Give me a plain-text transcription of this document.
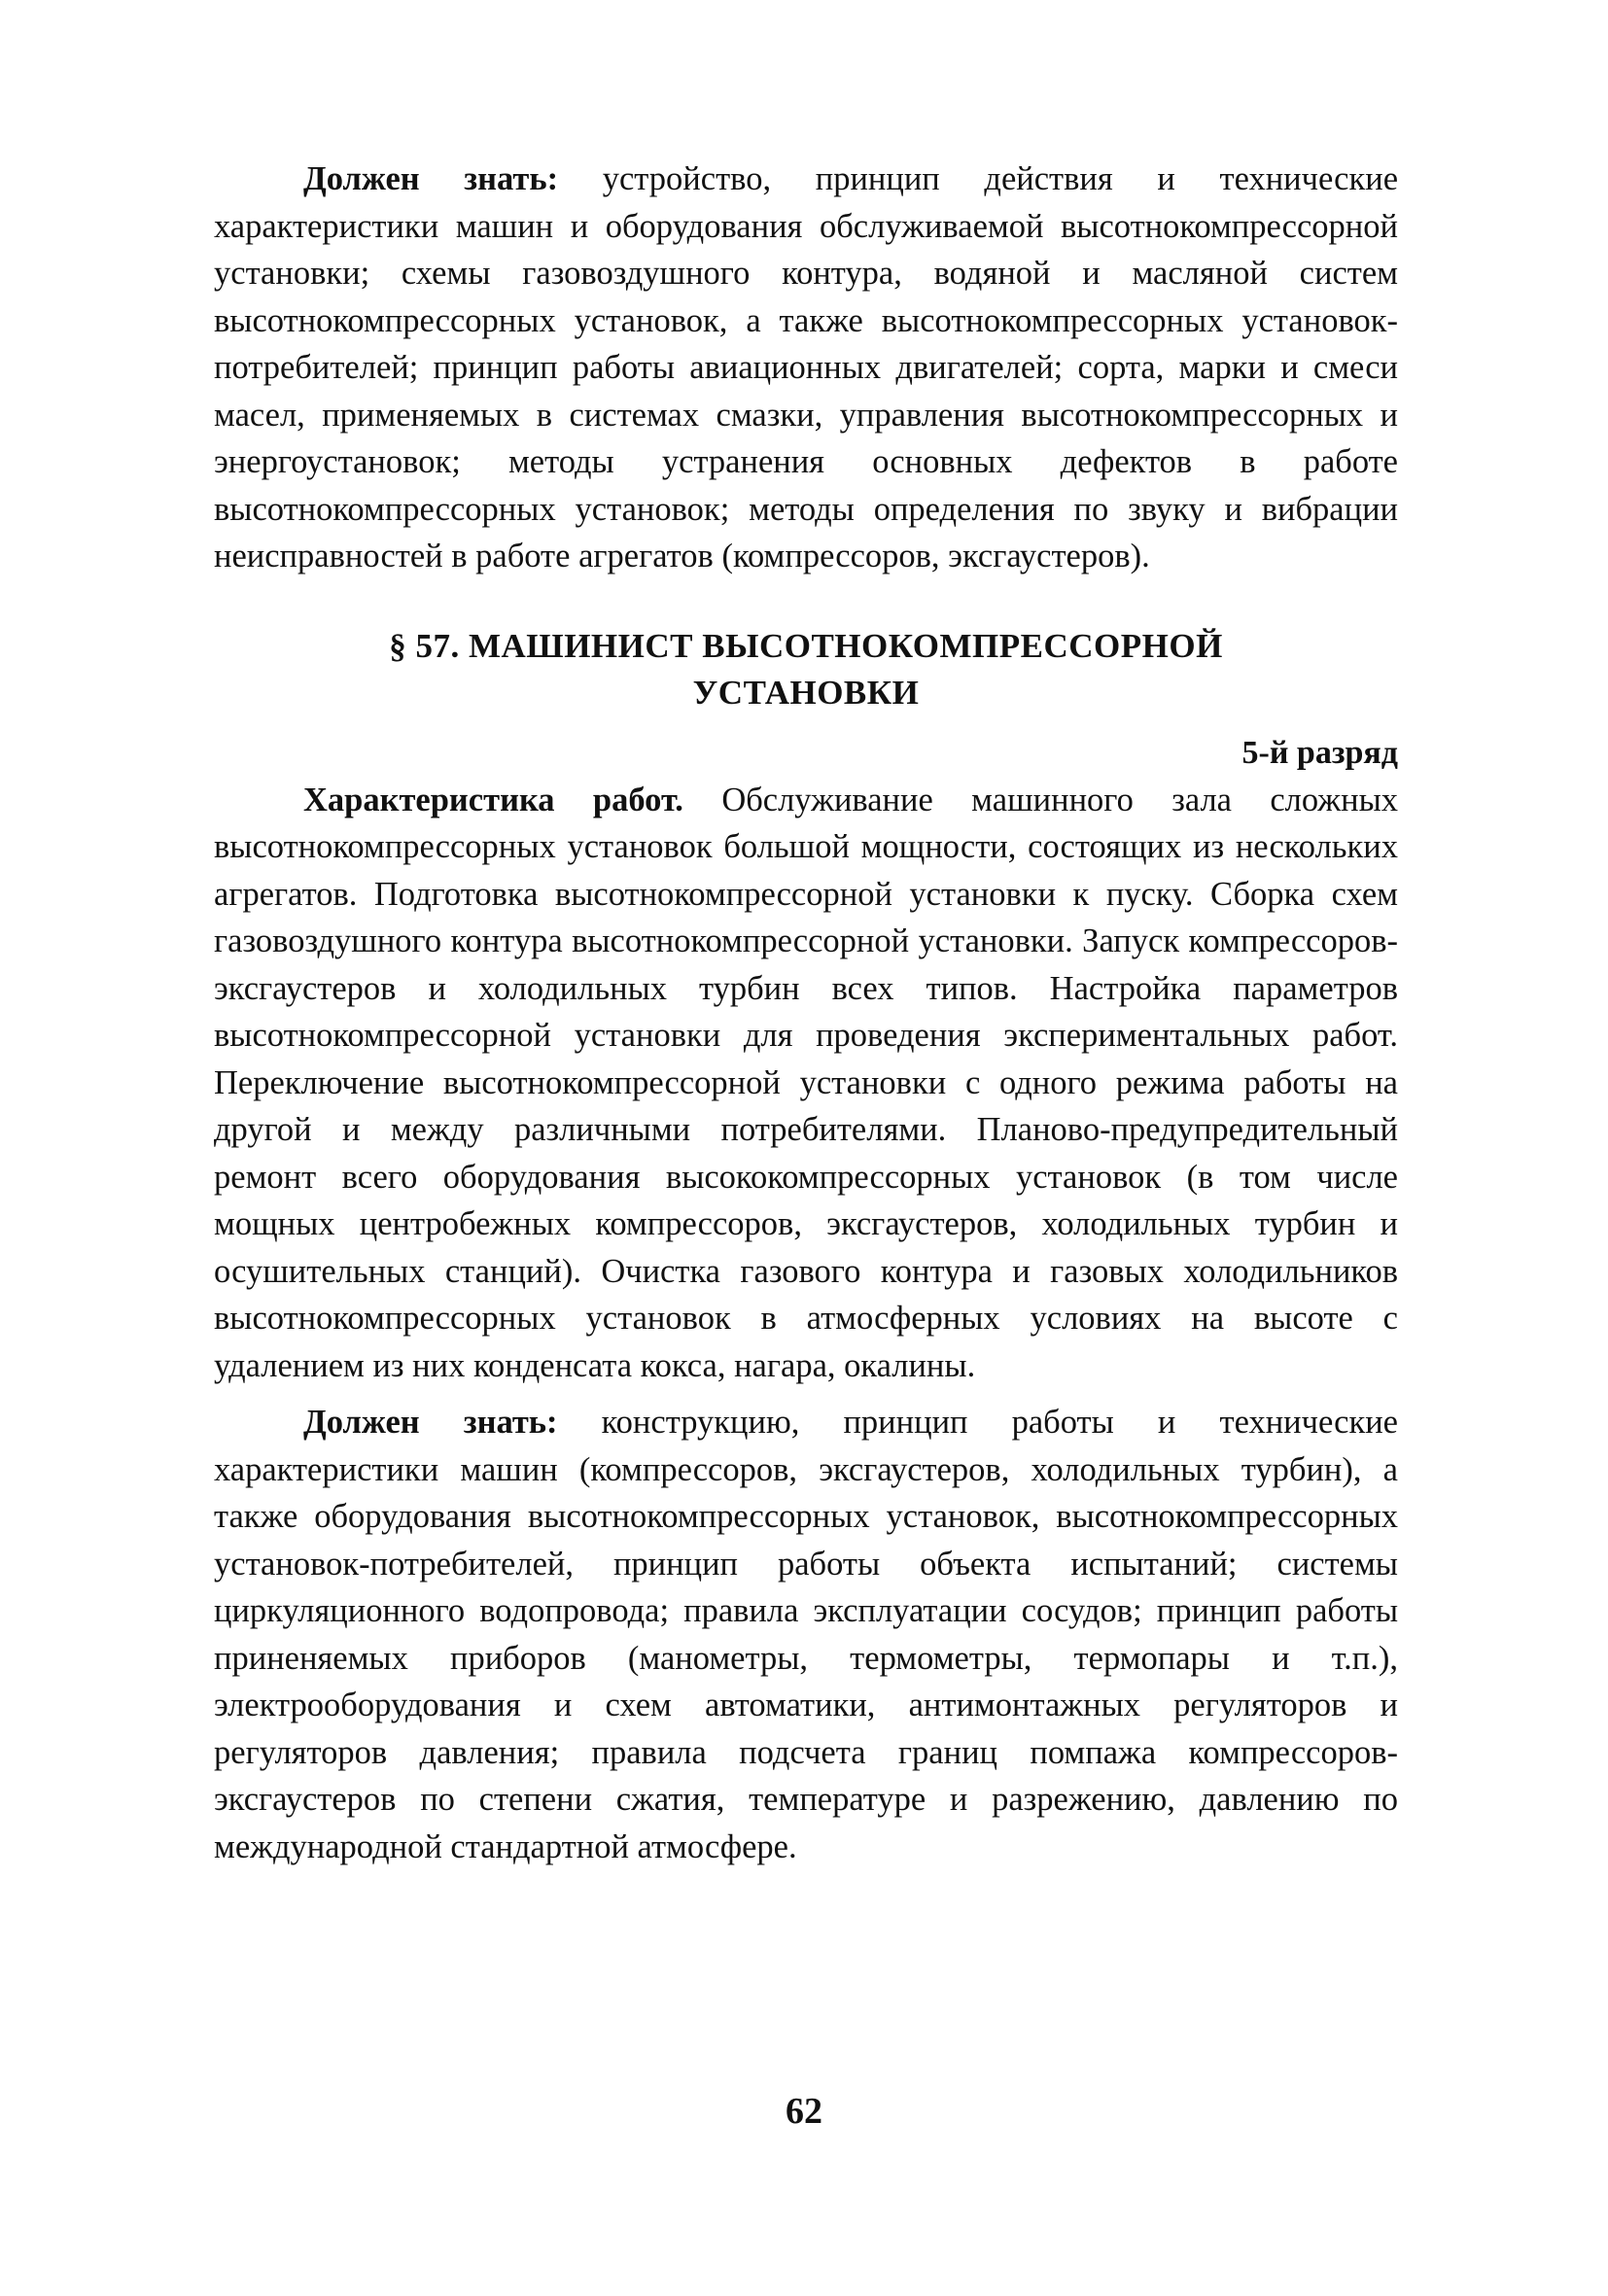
Должен знать: устройство, принцип действия и технические характеристики машин и оборудования обслуживаемой высотнокомпрессорной установки; схемы газовоздушного контура, водяной и масляной систем высотнокомпрессорных установок, а также высотнокомпрессорных установок-потребителей; принцип работы авиационных двигателей; сорта, марки и смеси масел, применяемых в системах смазки, управления высотнокомпрессорных и энергоустановок; методы устранения основных дефектов в работе высотнокомпрессорных установок; методы определения по звуку и вибрации неисправностей в работе агрегатов (компрессоров, эксгаустеров).

§ 57. МАШИНИСТ ВЫСОТНОКОМПРЕССОРНОЙ
УСТАНОВКИ
5-й разряд

Характеристика работ. Обслуживание машинного зала сложных высотнокомпрессорных установок большой мощности, состоящих из нескольких агрегатов. Подготовка высотнокомпрессорной установки к пуску. Сборка схем газовоздушного контура высотнокомпрессорной установки. Запуск компрессоров-эксгаустеров и холодильных турбин всех типов. Настройка параметров высотнокомпрессорной установки для проведения экспериментальных работ. Переключение высотнокомпрессорной установки с одного режима работы на другой и между различными потребителями. Планово-предупредительный ремонт всего оборудования высококомпрессорных установок (в том числе мощных центробежных компрессоров, эксгаустеров, холодильных турбин и осушительных станций). Очистка газового контура и газовых холодильников высотнокомпрессорных установок в атмосферных условиях на высоте с удалением из них конденсата кокса, нагара, окалины.

Должен знать: конструкцию, принцип работы и технические характеристики машин (компрессоров, эксгаустеров, холодильных турбин), а также оборудования высотнокомпрессорных установок, высотнокомпрессорных установок-потребителей, принцип работы объекта испытаний; системы циркуляционного водопровода; правила эксплуатации сосудов; принцип работы приненяемых приборов (манометры, термометры, термопары и т.п.), электрооборудования и схем автоматики, антимонтажных регуляторов и регуляторов давления; правила подсчета границ помпажа компрессоров-эксгаустеров по степени сжатия, температуре и разрежению, давлению по международной стандартной атмосфере.

62
